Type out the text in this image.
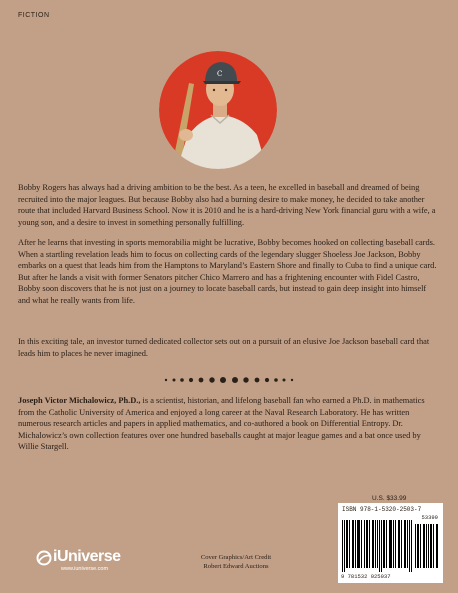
FICTION
C
Bobby Rogers has always had a driving ambition to be the best. As a teen, he excelled in baseball and dreamed of being recruited into the major leagues. But because Bobby also had a burning desire to make money, he decided to take another route that included Harvard Business School. Now it is 2010 and he is a hard-driving New York financial guru with a wife, a young son, and a desire to invest in something personally fulfilling.
After he learns that investing in sports memorabilia might be lucrative, Bobby becomes hooked on collecting baseball cards. When a startling revelation leads him to focus on collecting cards of the legendary slugger Shoeless Joe Jackson, Bobby embarks on a quest that leads him from the Hamptons to Maryland’s Eastern Shore and finally to Cuba to find a unique card. But after he lands a visit with former Senators pitcher Chico Marrero and has a frightening encounter with Fidel Castro, Bobby soon discovers that he is not just on a journey to locate baseball cards, but instead to gain deep insight into himself and what he really wants from life.
In this exciting tale, an investor turned dedicated collector sets out on a pursuit of an elusive Joe Jackson baseball card that leads him to places he never imagined.
Joseph Victor Michalowicz, Ph.D., is a scientist, historian, and lifelong baseball fan who earned a Ph.D. in mathematics from the Catholic University of America and enjoyed a long career at the Naval Research Laboratory. He has written numerous research articles and papers in applied mathematics, and co-authored a book on Differential Entropy. Dr. Michalowicz’s own collection features over one hundred baseballs caught at major league games and a bat once used by Willie Stargell.
iUniverse
www.iuniverse.com
Cover Graphics/Art Credit
Robert Edward Auctions
U.S. $33.99
ISBN 978-1-5320-2503-7
53399
9 781532 025037
